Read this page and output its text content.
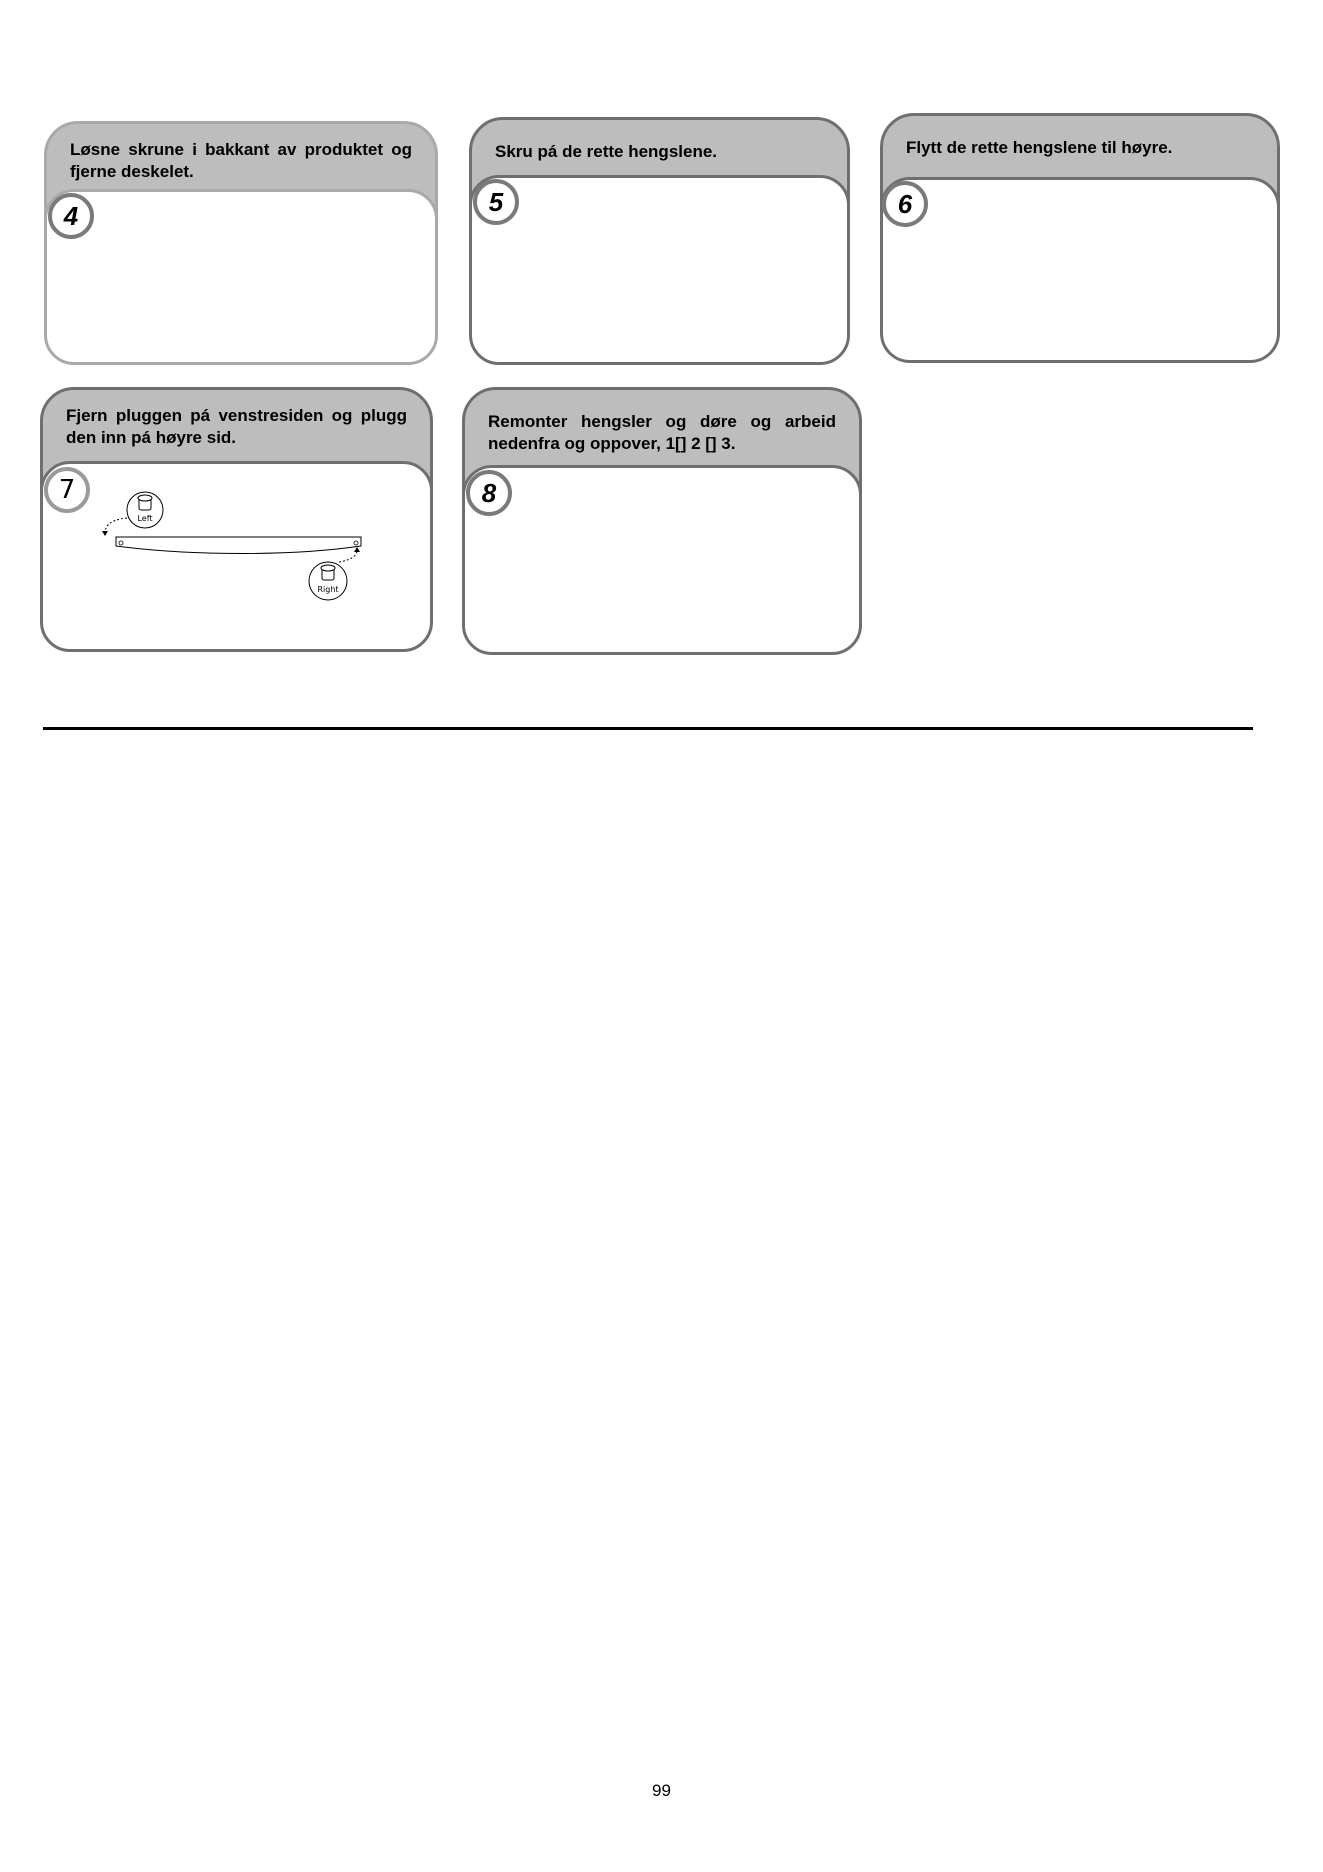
Løsne skrune i bakkant av produktet og fjerne deskelet.
4
Skru pá de rette hengslene.
5
Flytt de rette hengslene til høyre.
6
Fjern pluggen pá venstresiden og plugg den inn pá høyre sid.
Left
Right
7
Remonter hengsler og døre og arbeid nedenfra og oppover, 1[] 2 [] 3.
8
99
